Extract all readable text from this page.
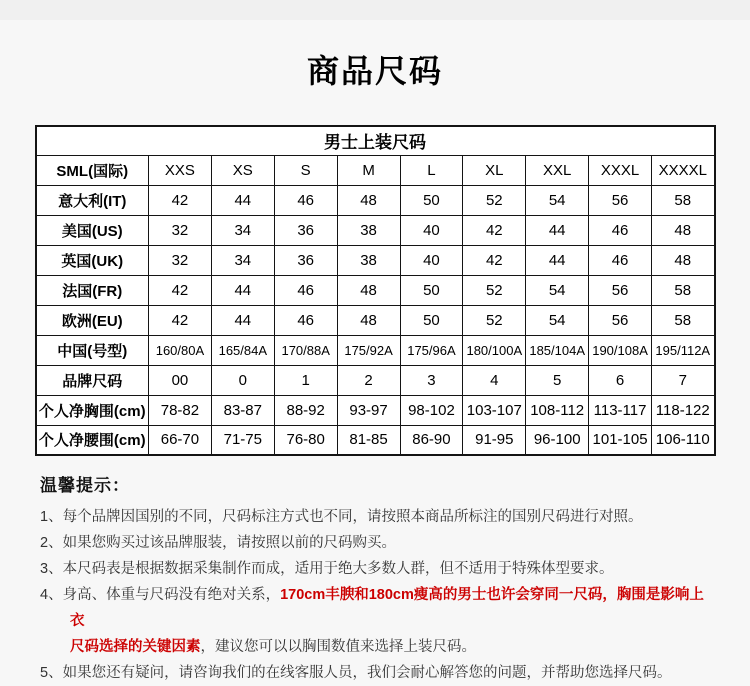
商品尺码
男士上装尺码									
SML(国际)	XXS	XS	S	M	L	XL	XXL	XXXL	XXXXL
意大利(IT)	42	44	46	48	50	52	54	56	58
美国(US)	32	34	36	38	40	42	44	46	48
英国(UK)	32	34	36	38	40	42	44	46	48
法国(FR)	42	44	46	48	50	52	54	56	58
欧洲(EU)	42	44	46	48	50	52	54	56	58
中国(号型)	160/80A	165/84A	170/88A	175/92A	175/96A	180/100A	185/104A	190/108A	195/112A
品牌尺码	00	0	1	2	3	4	5	6	7
个人净胸围(cm)	78-82	83-87	88-92	93-97	98-102	103-107	108-112	113-117	118-122
个人净腰围(cm)	66-70	71-75	76-80	81-85	86-90	91-95	96-100	101-105	106-110
温馨提示：
1、每个品牌因国别的不同，尺码标注方式也不同，请按照本商品所标注的国别尺码进行对照。
2、如果您购买过该品牌服装，请按照以前的尺码购买。
3、本尺码表是根据数据采集制作而成，适用于绝大多数人群，但不适用于特殊体型要求。
4、身高、体重与尺码没有绝对关系，170cm丰腴和180cm瘦高的男士也许会穿同一尺码，胸围是影响上衣
尺码选择的关键因素，建议您可以以胸围数值来选择上装尺码。
5、如果您还有疑问，请咨询我们的在线客服人员，我们会耐心解答您的问题，并帮助您选择尺码。
